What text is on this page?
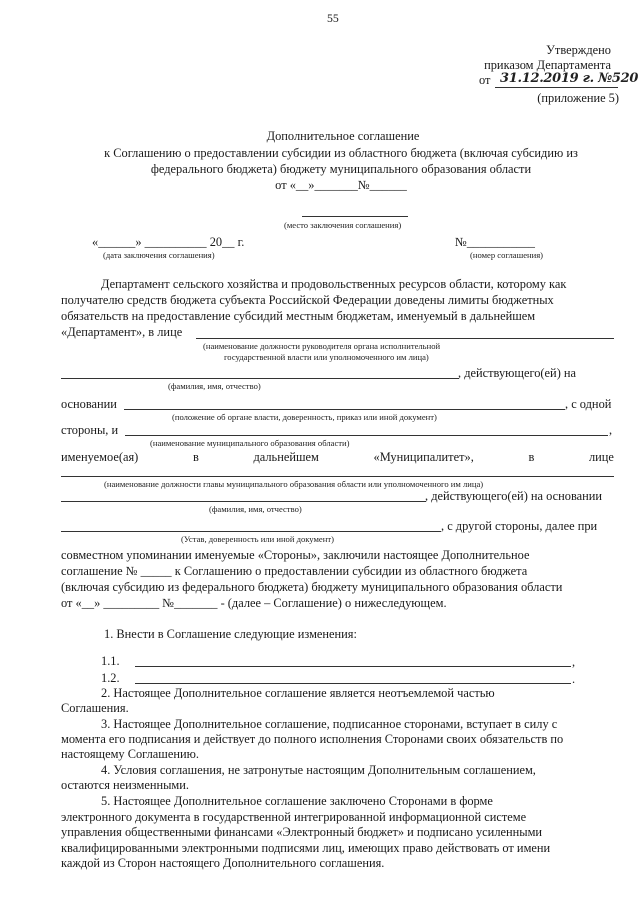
55
Утверждено
приказом Департамента
от 31.12.2019 г. №520
(приложение 5)
Дополнительное соглашение
к Соглашению о предоставлении субсидии из областного бюджета (включая субсидию из
федерального бюджета) бюджету муниципального образования области
от «__»_______№______
(место заключения соглашения)
«______» __________ 20__ г.	№___________
(дата заключения соглашения)	(номер соглашения)
Департамент сельского хозяйства и продовольственных ресурсов области, которому как
получателю средств бюджета субъекта Российской Федерации доведены лимиты бюджетных
обязательств на предоставление субсидий местным бюджетам, именуемый в дальнейшем
«Департамент», в лице
(наименование должности руководителя органа исполнительной
государственной власти или уполномоченного им лица)
, действующего(ей) на
(фамилия, имя, отчество)
основании	, с одной
(положение об органе власти, доверенность, приказ или иной документ)
стороны, и	,
(наименование муниципального образования области)
именуемое(ая)	в	дальнейшем	«Муниципалитет»,	в	лице
(наименование должности главы муниципального образования области или уполномоченного им лица)
, действующего(ей) на основании
(фамилия, имя, отчество)
, с другой стороны, далее при
(Устав, доверенность или иной документ)
совместном упоминании именуемые «Стороны», заключили настоящее Дополнительное
соглашение № _____ к Соглашению о предоставлении субсидии из областного бюджета
(включая субсидию из федерального бюджета) бюджету муниципального образования области
от «__» _________ №_______ - (далее – Соглашение) о нижеследующем.
1. Внести в Соглашение следующие изменения:
1.1.	,
1.2.	.
2. Настоящее Дополнительное соглашение является неотъемлемой частью
Соглашения.
3. Настоящее Дополнительное соглашение, подписанное сторонами, вступает в силу с
момента его подписания и действует до полного исполнения Сторонами своих обязательств по
настоящему Соглашению.
4. Условия соглашения, не затронутые настоящим Дополнительным соглашением,
остаются неизменными.
5. Настоящее Дополнительное соглашение заключено Сторонами в форме
электронного документа в государственной интегрированной информационной системе
управления общественными финансами «Электронный бюджет» и подписано усиленными
квалифицированными электронными подписями лиц, имеющих право действовать от имени
каждой из Сторон настоящего Дополнительного соглашения.
